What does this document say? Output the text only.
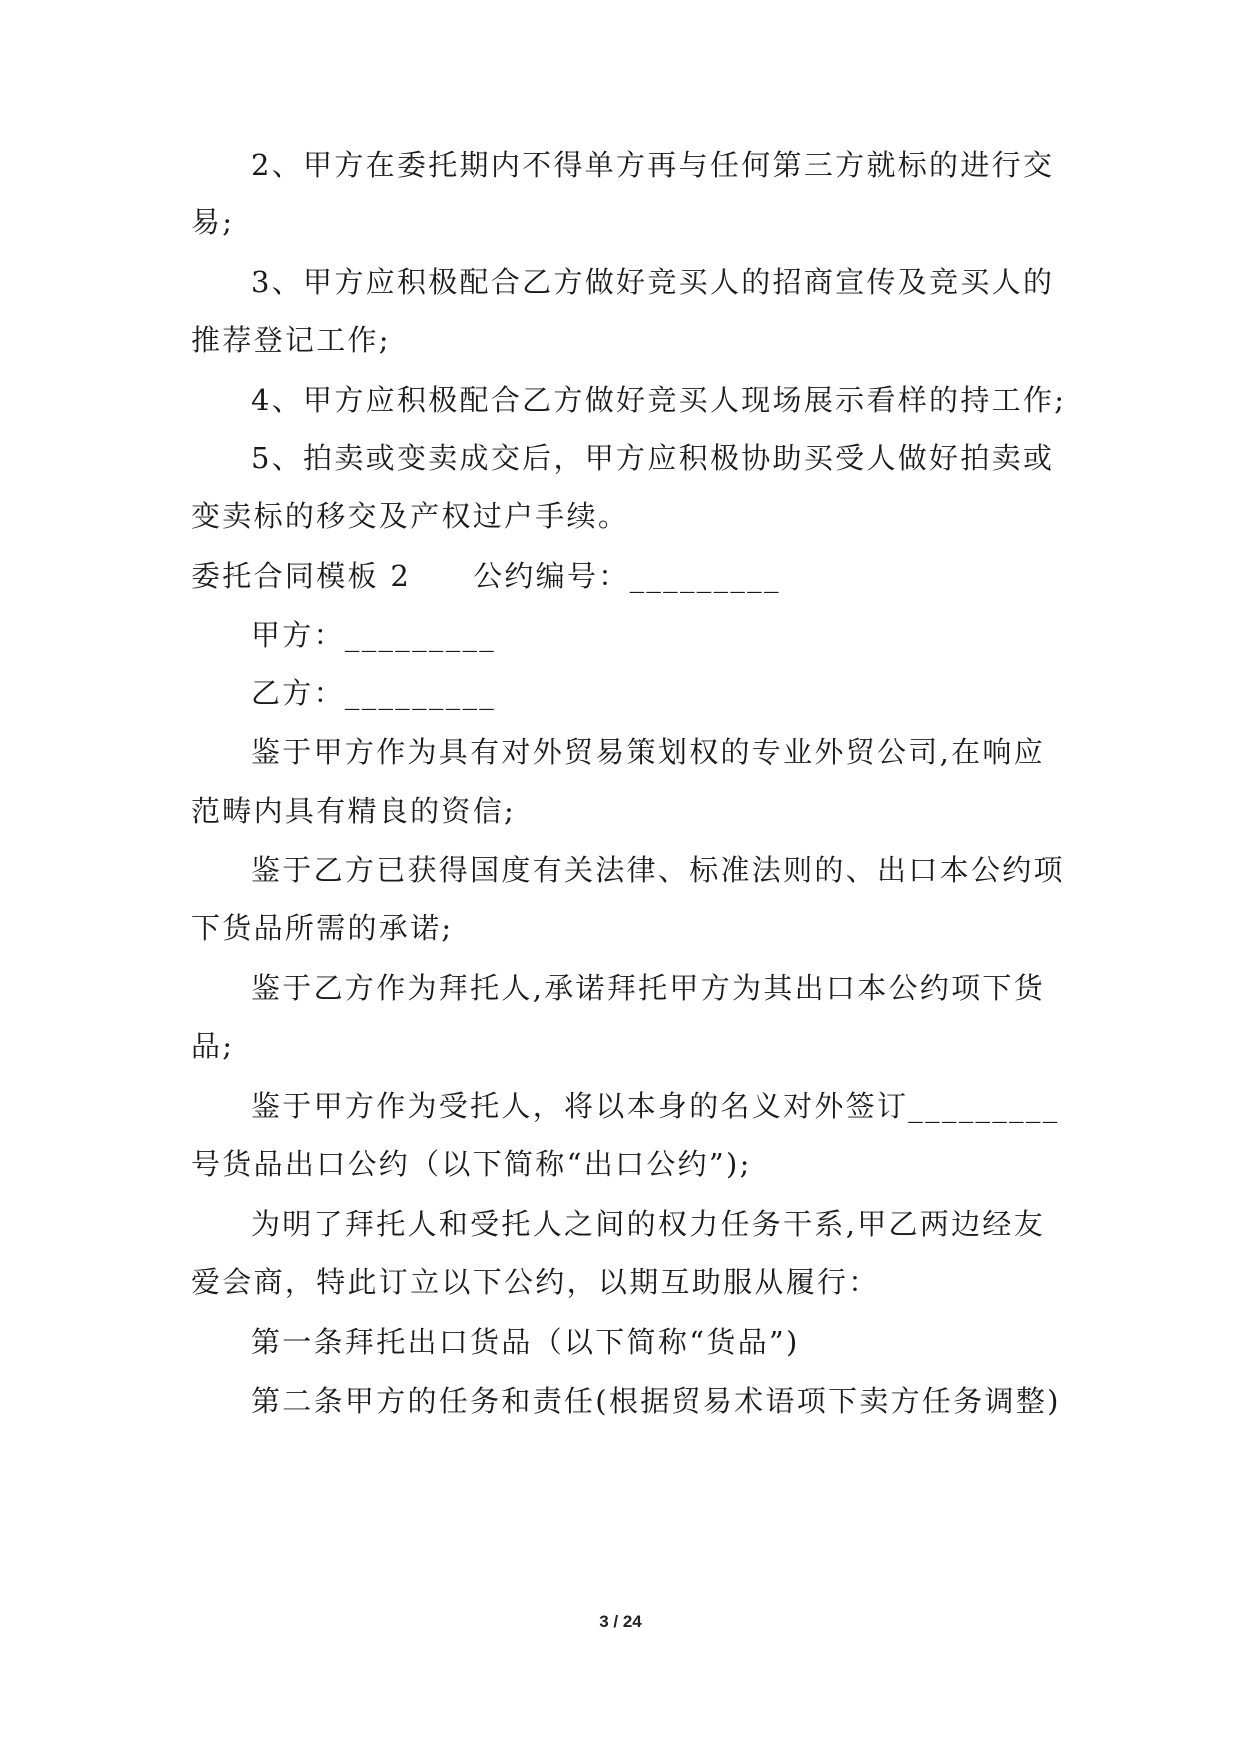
2、甲方在委托期内不得单方再与任何第三方就标的进行交
易;
3、甲方应积极配合乙方做好竞买人的招商宣传及竞买人的
推荐登记工作;
4、甲方应积极配合乙方做好竞买人现场展示看样的持工作;
5、拍卖或变卖成交后，甲方应积极协助买受人做好拍卖或
变卖标的移交及产权过户手续。
委托合同模板 2 公约编号：_________
甲方：_________
乙方：_________
鉴于甲方作为具有对外贸易策划权的专业外贸公司,在响应
范畴内具有精良的资信;
鉴于乙方已获得国度有关法律、标准法则的、出口本公约项
下货品所需的承诺;
鉴于乙方作为拜托人,承诺拜托甲方为其出口本公约项下货
品;
鉴于甲方作为受托人，将以本身的名义对外签订_________
号货品出口公约（以下简称“出口公约”);
为明了拜托人和受托人之间的权力任务干系,甲乙两边经友
爱会商，特此订立以下公约，以期互助服从履行：
第一条拜托出口货品（以下简称“货品”)
第二条甲方的任务和责任(根据贸易术语项下卖方任务调整)
3 / 24
